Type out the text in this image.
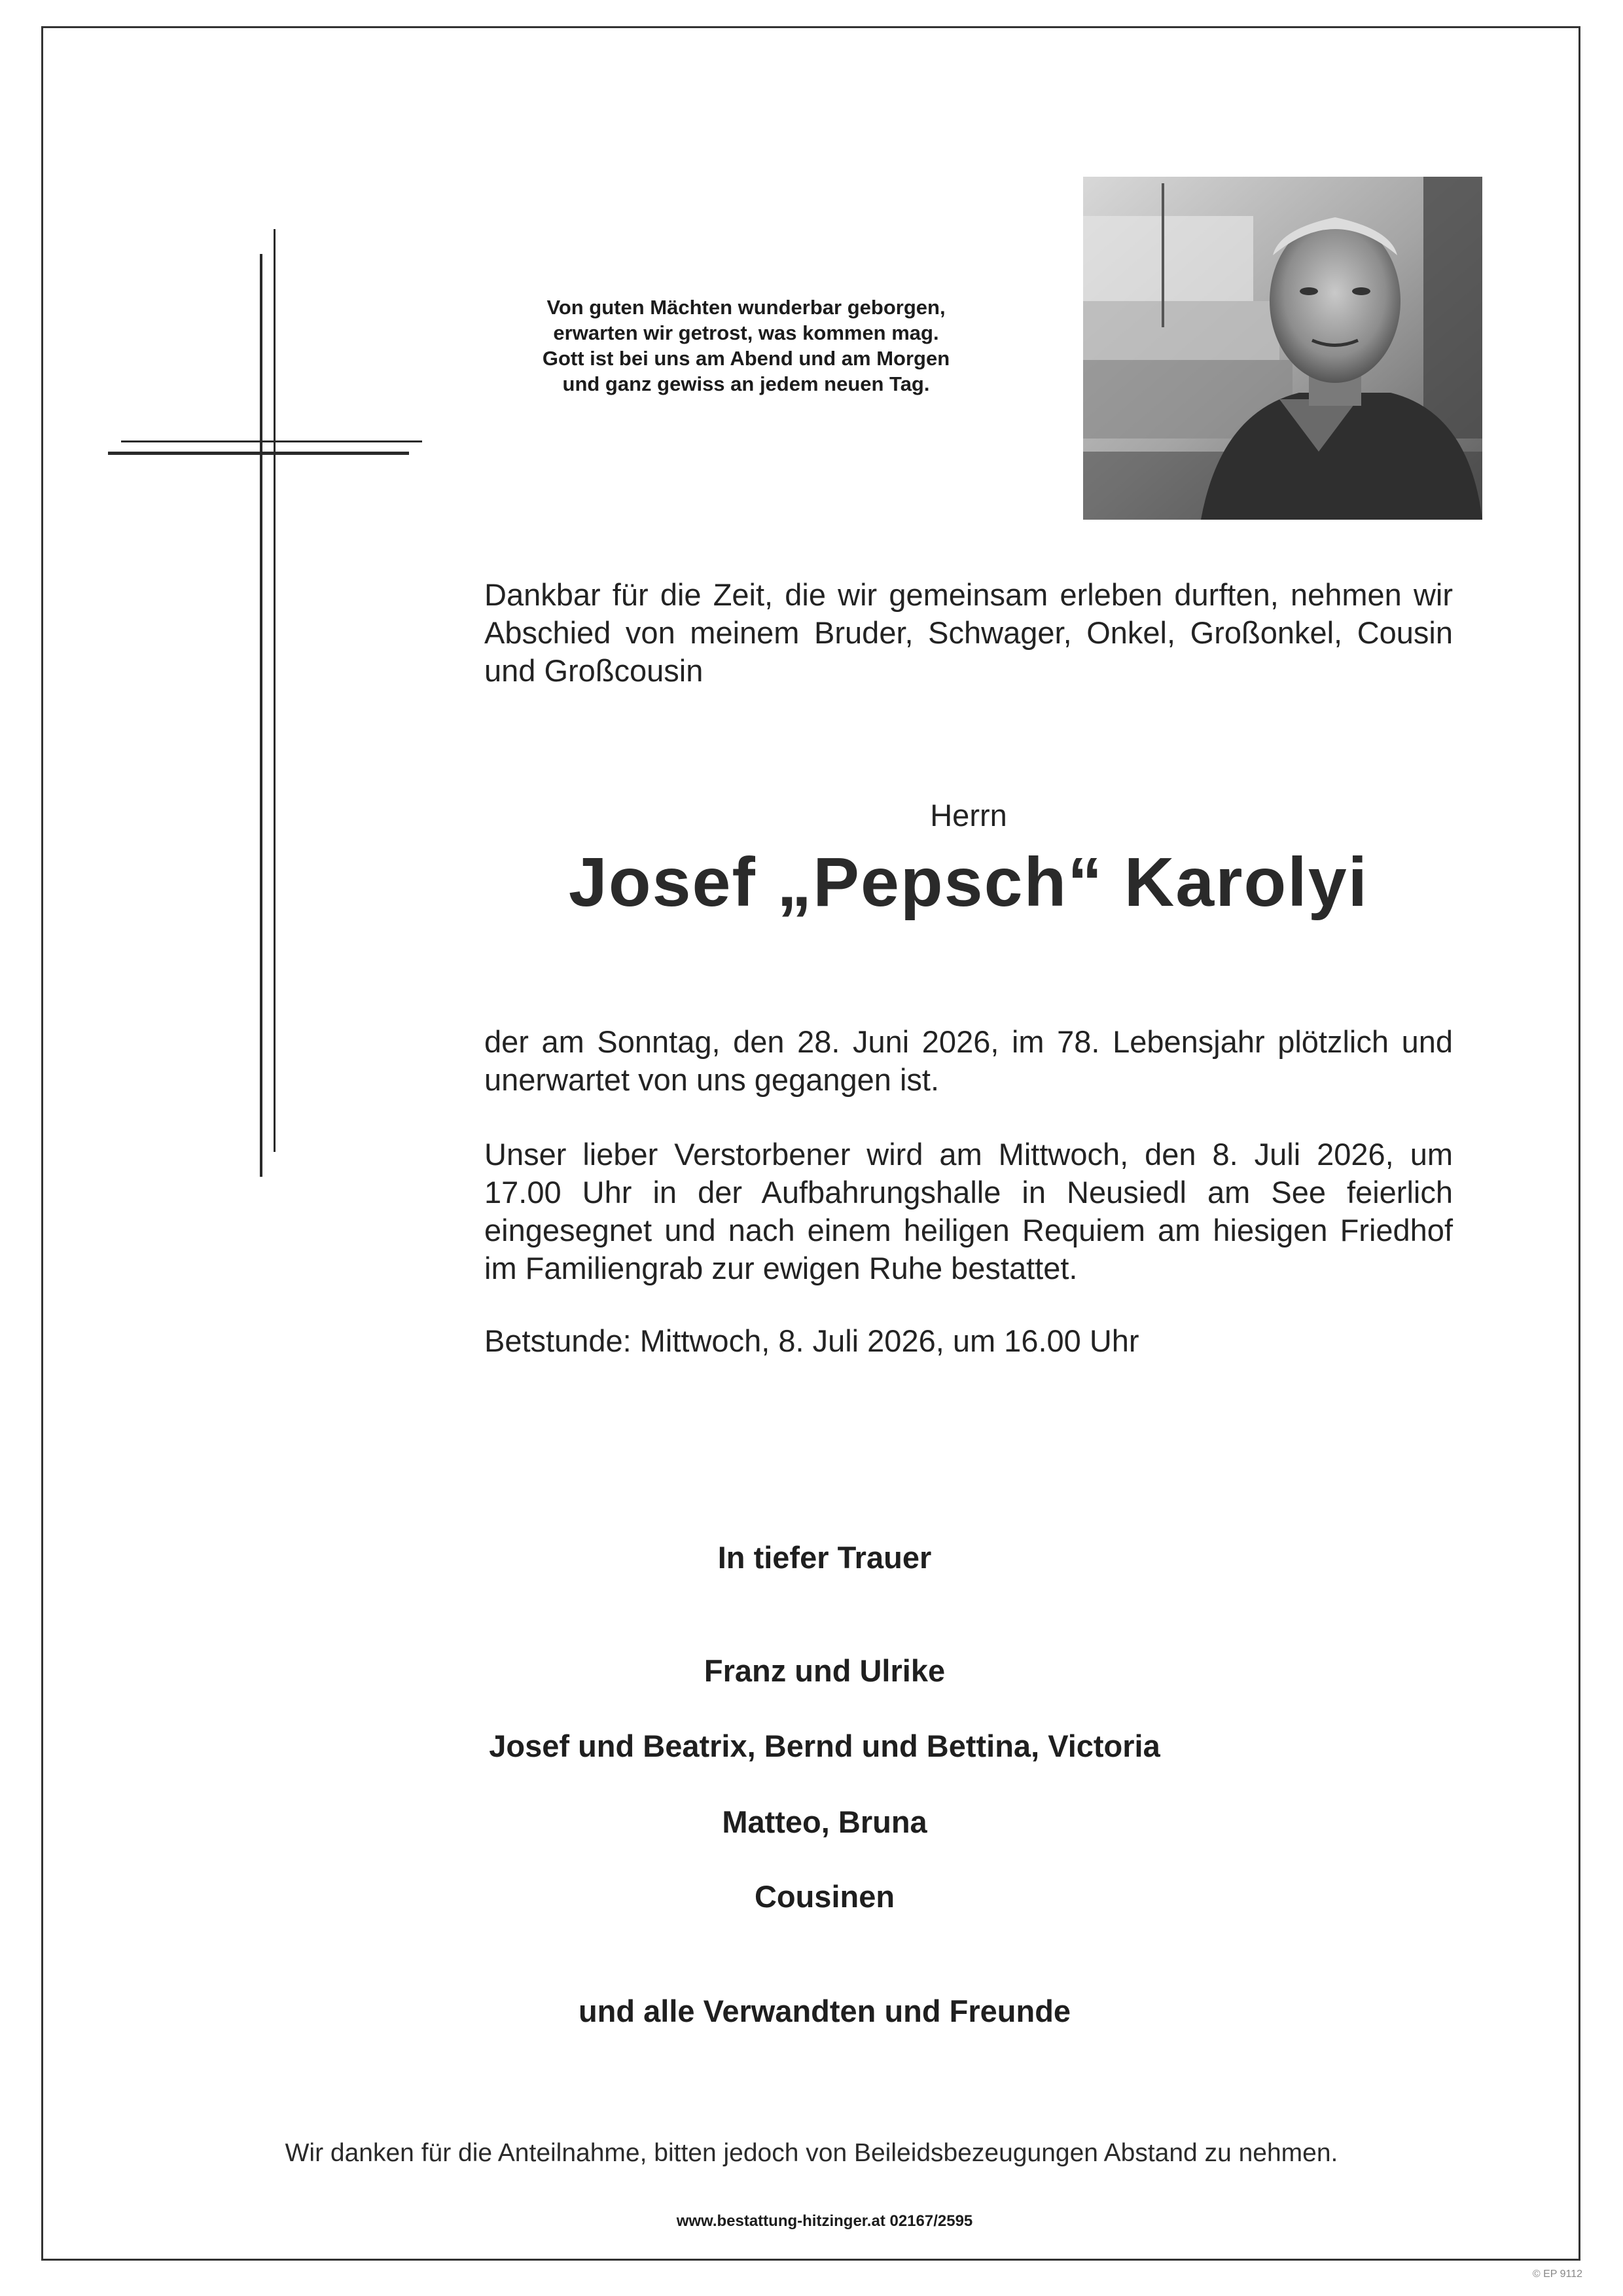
Von guten Mächten wunderbar geborgen,
erwarten wir getrost, was kommen mag.
Gott ist bei uns am Abend und am Morgen
und ganz gewiss an jedem neuen Tag.
Dankbar für die Zeit, die wir gemeinsam erleben durften, nehmen wir Abschied von meinem Bruder, Schwager, Onkel, Großonkel, Cousin und Großcousin
Herrn
Josef „Pepsch“ Karolyi
der am Sonntag, den 28. Juni 2026, im 78. Lebensjahr plötzlich und unerwartet von uns gegangen ist.
Unser lieber Verstorbener wird am Mittwoch, den 8. Juli 2026, um 17.00 Uhr in der Aufbahrungshalle in Neusiedl am See feierlich eingesegnet und nach einem heiligen Requiem am hiesigen Friedhof im Familiengrab zur ewigen Ruhe bestattet.
Betstunde: Mittwoch, 8. Juli 2026, um 16.00 Uhr
In tiefer Trauer
Franz und Ulrike
Josef und Beatrix, Bernd und Bettina, Victoria
Matteo, Bruna
Cousinen
und alle Verwandten und Freunde
Wir danken für die Anteilnahme, bitten jedoch von Beileidsbezeugungen Abstand zu nehmen.
www.bestattung-hitzinger.at 02167/2595
© EP 9112
